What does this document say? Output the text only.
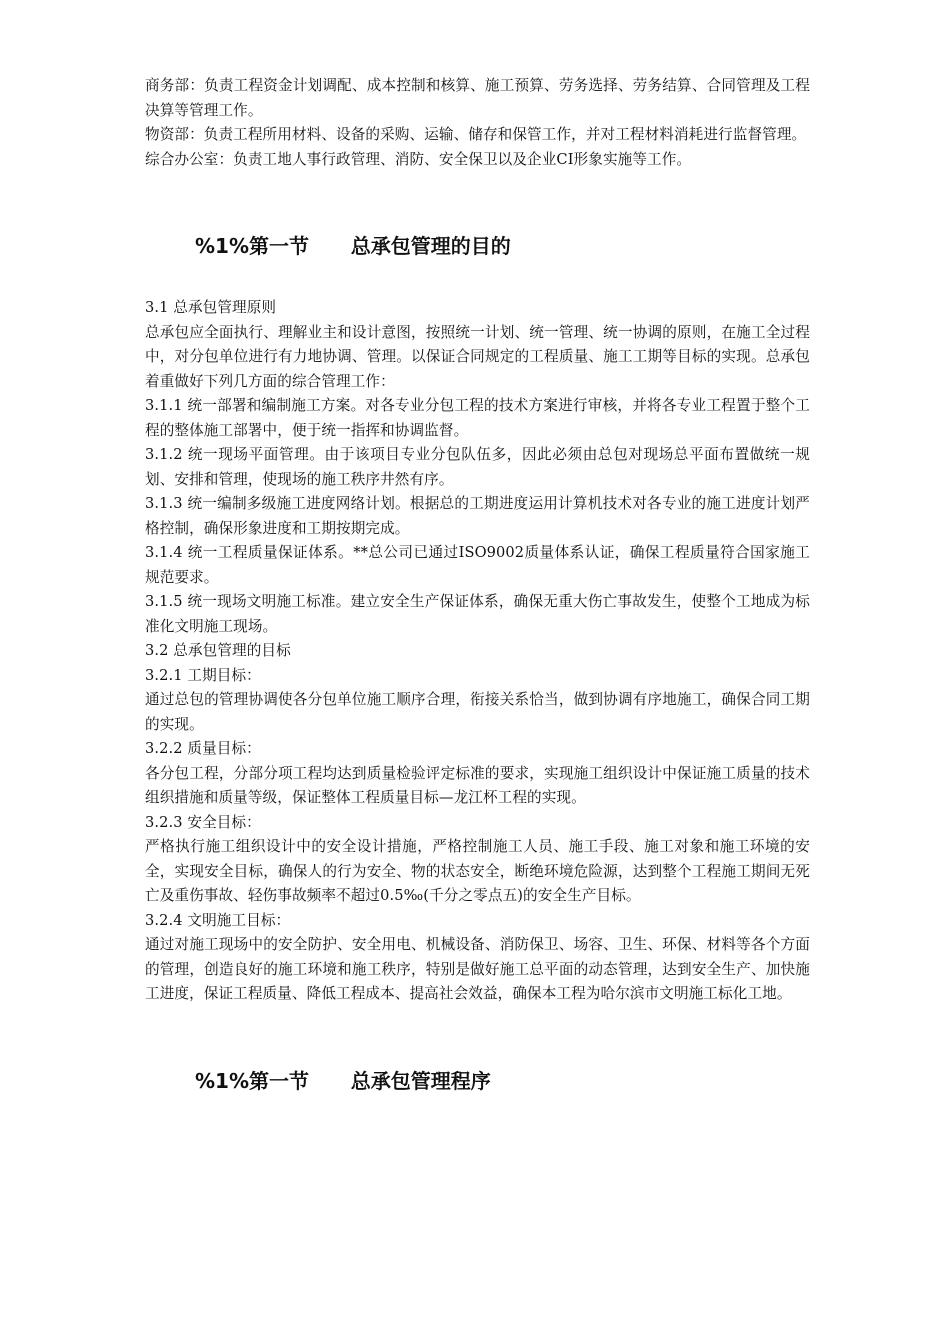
商务部：负责工程资金计划调配、成本控制和核算、施工预算、劳务选择、劳务结算、合同管理及工程决算等管理工作。

物资部：负责工程所用材料、设备的采购、运输、储存和保管工作，并对工程材料消耗进行监督管理。

综合办公室：负责工地人事行政管理、消防、安全保卫以及企业CI形象实施等工作。

%1%第一节      总承包管理的目的

3.1 总承包管理原则

总承包应全面执行、理解业主和设计意图，按照统一计划、统一管理、统一协调的原则，在施工全过程中，对分包单位进行有力地协调、管理。以保证合同规定的工程质量、施工工期等目标的实现。总承包着重做好下列几方面的综合管理工作：

3.1.1 统一部署和编制施工方案。对各专业分包工程的技术方案进行审核，并将各专业工程置于整个工程的整体施工部署中，便于统一指挥和协调监督。

3.1.2 统一现场平面管理。由于该项目专业分包队伍多，因此必须由总包对现场总平面布置做统一规划、安排和管理，使现场的施工秩序井然有序。

3.1.3 统一编制多级施工进度网络计划。根据总的工期进度运用计算机技术对各专业的施工进度计划严格控制，确保形象进度和工期按期完成。

3.1.4 统一工程质量保证体系。**总公司已通过ISO9002质量体系认证，确保工程质量符合国家施工规范要求。

3.1.5 统一现场文明施工标准。建立安全生产保证体系，确保无重大伤亡事故发生，使整个工地成为标准化文明施工现场。

3.2 总承包管理的目标

3.2.1 工期目标：

通过总包的管理协调使各分包单位施工顺序合理，衔接关系恰当，做到协调有序地施工，确保合同工期的实现。

3.2.2 质量目标：

各分包工程，分部分项工程均达到质量检验评定标准的要求，实现施工组织设计中保证施工质量的技术组织措施和质量等级，保证整体工程质量目标—龙江杯工程的实现。

3.2.3 安全目标：

严格执行施工组织设计中的安全设计措施，严格控制施工人员、施工手段、施工对象和施工环境的安全，实现安全目标，确保人的行为安全、物的状态安全，断绝环境危险源，达到整个工程施工期间无死亡及重伤事故、轻伤事故频率不超过0.5‰(千分之零点五)的安全生产目标。

3.2.4 文明施工目标：

通过对施工现场中的安全防护、安全用电、机械设备、消防保卫、场容、卫生、环保、材料等各个方面的管理，创造良好的施工环境和施工秩序，特别是做好施工总平面的动态管理，达到安全生产、加快施工进度，保证工程质量、降低工程成本、提高社会效益，确保本工程为哈尔滨市文明施工标化工地。

%1%第一节      总承包管理程序
